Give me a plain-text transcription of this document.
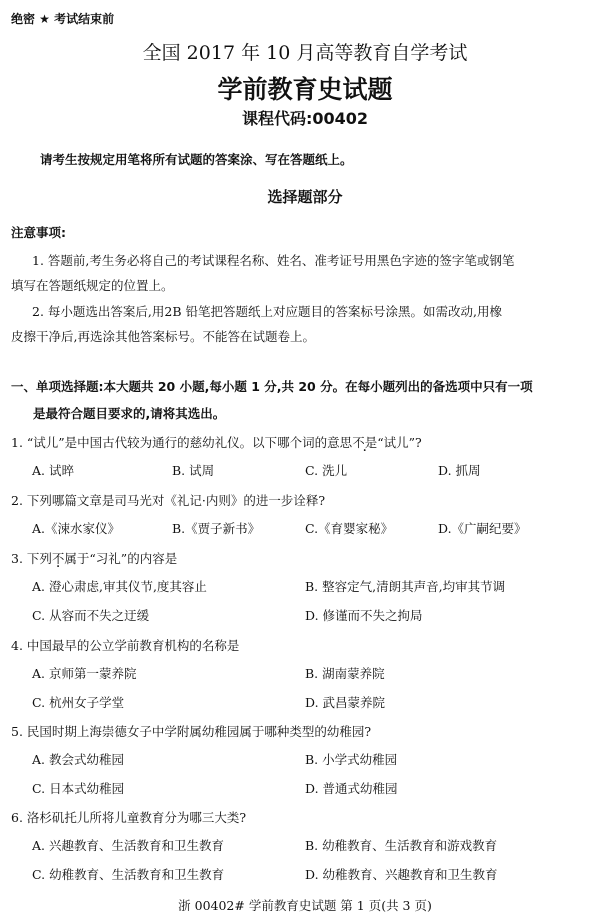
绝密 ★ 考试结束前
全国 2017 年 10 月高等教育自学考试
学前教育史试题
课程代码:00402
请考生按规定用笔将所有试题的答案涂、写在答题纸上。
选择题部分
注意事项:
1. 答题前,考生务必将自己的考试课程名称、姓名、准考证号用黑色字迹的签字笔或钢笔
填写在答题纸规定的位置上。
2. 每小题选出答案后,用2B 铅笔把答题纸上对应题目的答案标号涂黑。如需改动,用橡
皮擦干净后,再选涂其他答案标号。不能答在试题卷上。
一、单项选择题:本大题共 20 小题,每小题 1 分,共 20 分。在每小题列出的备选项中只有一项
是最符合题目要求的,请将其选出。
1. “试儿”是中国古代较为通行的慈幼礼仪。以下哪个词的意思不是“试儿”?
A. 试晬	B. 试周	C. 洗儿	D. 抓周
2. 下列哪篇文章是司马光对《礼记·内则》的进一步诠释?
A.《涑水家仪》	B.《贾子新书》	C.《育婴家秘》	D.《广嗣纪要》
3. 下列不属于“习礼”的内容是
A. 澄心肃虑,审其仪节,度其容止	B. 整容定气,清朗其声音,均审其节调
C. 从容而不失之迂缓	D. 修谨而不失之拘局
4. 中国最早的公立学前教育机构的名称是
A. 京师第一蒙养院	B. 湖南蒙养院
C. 杭州女子学堂	D. 武昌蒙养院
5. 民国时期上海崇德女子中学附属幼稚园属于哪种类型的幼稚园?
A. 教会式幼稚园	B. 小学式幼稚园
C. 日本式幼稚园	D. 普通式幼稚园
6. 洛杉矶托儿所将儿童教育分为哪三大类?
A. 兴趣教育、生活教育和卫生教育	B. 幼稚教育、生活教育和游戏教育
C. 幼稚教育、生活教育和卫生教育	D. 幼稚教育、兴趣教育和卫生教育
浙 00402# 学前教育史试题 第 1 页(共 3 页)
